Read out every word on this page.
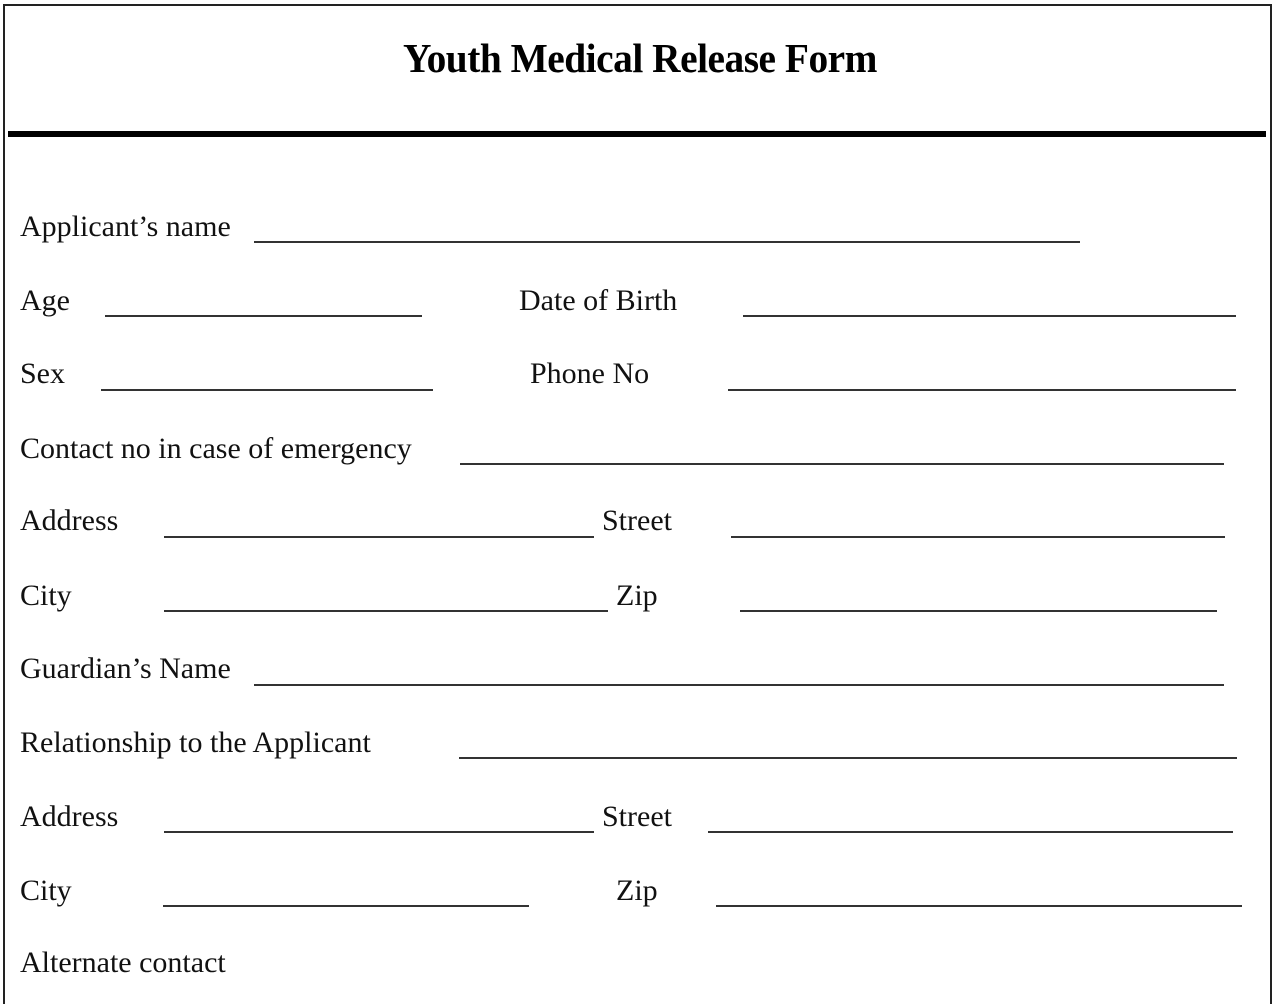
Youth Medical Release Form
Applicant’s name
Age	Date of Birth
Sex	Phone No
Contact no in case of emergency
Address	Street
City	Zip
Guardian’s Name
Relationship to the Applicant
Address	Street
City	Zip
Alternate contact
